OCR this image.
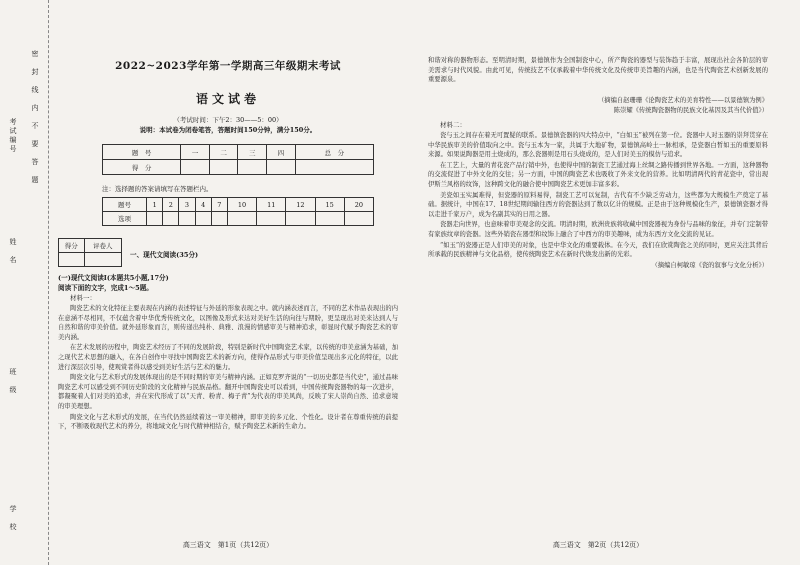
密　封　线　内　不　要　答　题
考试编号
姓　名
班　级
学　校
2022~2023学年第一学期高三年级期末考试
语文试卷
（考试时间：下午2：30——5：00）
说明：本试卷为闭卷笔答，答题时间150分钟，满分150分。
题　号	一	二	三	四	总　分
得　分					
注：选择题的答案请填写在答题栏内。
题号	1	2	3	4	7	10	11	12	15	20
选项										
得分	评卷人

一、现代文阅读(35分)
(一)现代文阅读I(本题共5小题,17分)
阅读下面的文字，完成1～5题。
材料一：

陶瓷艺术的文化特征主要表现在内涵的表述特征与外延的形象表现之中。就内涵表述而言，不同的艺术作品表现出的内在意涵不尽相同，不仅蕴含着中华优秀传统文化，以图像及形式来达对美好生活的向往与期盼，更呈现出对美来达到人与自然和谐的审美价值。就外延形象而言，则传递出纯朴、典雅、浪漫的情感审美与精神追求，彰显时代赋予陶瓷艺术的审美内涵。

在艺术发展的历程中，陶瓷艺术经历了不同的发展阶段，特别是新时代中国陶瓷艺术家，以传统的审美意涵为基础，加之现代艺术思想的融入，在各自创作中寻找中国陶瓷艺术的新方向，使得作品形式与审美价值呈现出多元化的特征，以此进行深层次引导，使观赏者得以感受到美好生活与艺术的魅力。

陶瓷文化与艺术形式的发展体现出的是不同时期的审美与精神内涵。正如克罗齐说的“一切历史都是当代史”，通过品味陶瓷艺术可以感受到不同历史阶段的文化精神与民族品格。翻开中国陶瓷史可以看到，中国传统陶瓷器物的每一次进步，都凝聚着人们对美的追求，并在宋代形成了以“天青、粉青、梅子青”为代表的审美风尚，反映了宋人崇尚自然、追求意境的审美理想。

陶瓷文化与艺术形式的发展，在当代仍然延续着这一审美精神，即审美的多元化、个性化。设计者在尊重传统的前提下，不断吸收现代艺术的养分，将地域文化与时代精神相结合，赋予陶瓷艺术新的生命力。

高三语文　第1页（共12页）

和谐对称的器物形态。至明清时期，景德镇作为全国制瓷中心，所产陶瓷的器型与装饰趋于丰富，展现出社会各阶层的审美需求与时代风貌。由此可见，传统技艺不仅承载着中华传统文化及传统审美旨趣的内涵，也是当代陶瓷艺术创新发展的重要源泉。

（摘编自赵珊珊《论陶瓷艺术的美育特性——以景德镇为例》
陈崇耀《传统陶瓷器物的民族文化基因及其当代价值》）
材料二：

瓷与玉之间存在着无可置疑的联系。景德镇瓷器的四大特点中，“白如玉”被列在第一位。瓷器中人对玉器的崇拜贯穿在中华民族审美的价值取向之中。瓷与玉本为一家，共属于大地矿物，景德镇高岭土一脉相承，是瓷器白皙如玉的重要原料来源。如果说陶器是用土烧成的，那么瓷器则是用石头烧成的，是人们对美玉的模仿与追求。

在工艺上，大量的青花瓷产品行销中外，也使得中国的制瓷工艺通过海上丝绸之路传播到世界各地。一方面，这种器物的交流促进了中外文化的交往；另一方面，中国的陶瓷艺术也吸收了外来文化的营养。比如明清两代的青花瓷中，常出现伊斯兰风格的纹饰，这种跨文化的融合使中国陶瓷艺术更加丰富多彩。

美瓷如玉实属难得，但瓷器的原料易得，制瓷工艺可以复制，古代有不少缺乏劳动力，这些都为大规模生产奠定了基础。据统计，中国在17、18世纪期间输往西方的瓷器达到了数以亿计的规模。正是由于这种规模化生产，景德镇瓷器才得以走进千家万户，成为名副其实的日用之器。

瓷器走向世界，也意味着审美观念的交流。明清时期，欧洲贵族将收藏中国瓷器视为身份与品味的象征，并专门定制带有家族纹章的瓷器。这些外销瓷在器型和纹饰上融合了中西方的审美趣味，成为东西方文化交流的见证。

“如玉”的瓷器正是人们审美的对象，也是中华文化的重要载体。在今天，我们在欣赏陶瓷之美的同时，更应关注其背后所承载的民族精神与文化品格，使传统陶瓷艺术在新时代焕发出新的光彩。

（摘编自柯敏琼《瓷的叙事与文化分析》）
高三语文　第2页（共12页）
